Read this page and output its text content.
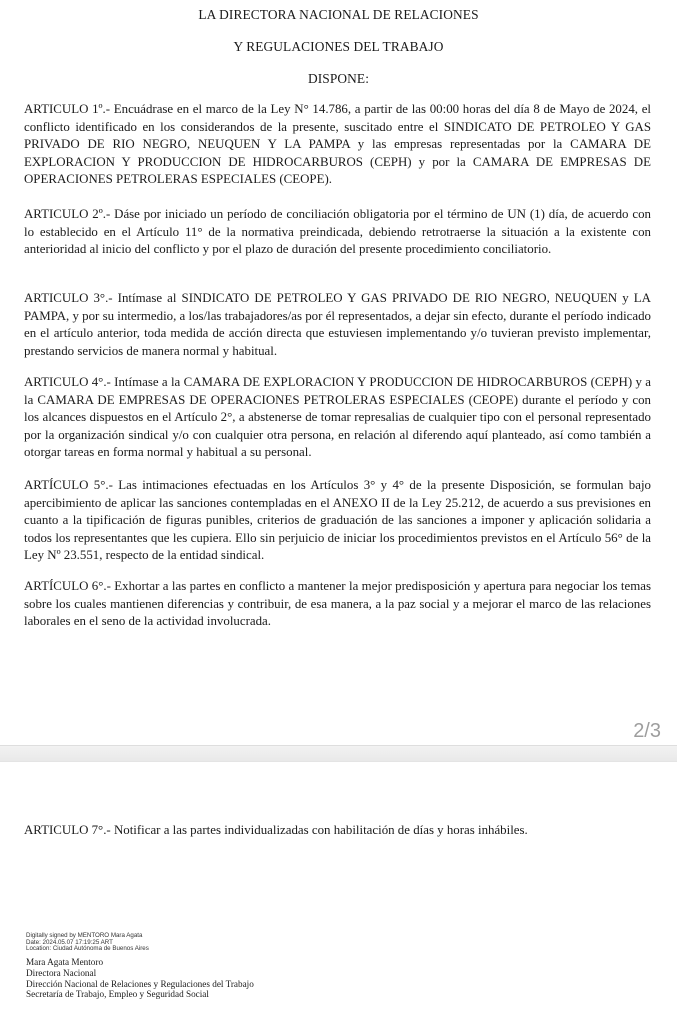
LA DIRECTORA NACIONAL DE RELACIONES
Y REGULACIONES DEL TRABAJO
DISPONE:

ARTICULO 1º.- Encuádrase en el marco de la Ley N° 14.786, a partir de las 00:00 horas del día 8 de Mayo de 2024, el conflicto identificado en los considerandos de la presente, suscitado entre el SINDICATO DE PETROLEO Y GAS PRIVADO DE RIO NEGRO, NEUQUEN Y LA PAMPA y las empresas representadas por la CAMARA DE EXPLORACION Y PRODUCCION DE HIDROCARBUROS (CEPH) y por la CAMARA DE EMPRESAS DE OPERACIONES PETROLERAS ESPECIALES (CEOPE).

ARTICULO 2º.- Dáse por iniciado un período de conciliación obligatoria por el término de UN (1) día, de acuerdo con lo establecido en el Artículo 11° de la normativa preindicada, debiendo retrotraerse la situación a la existente con anterioridad al inicio del conflicto y por el plazo de duración del presente procedimiento conciliatorio.

ARTICULO 3°.- Intímase al SINDICATO DE PETROLEO Y GAS PRIVADO DE RIO NEGRO, NEUQUEN y LA PAMPA, y por su intermedio, a los/las trabajadores/as por él representados, a dejar sin efecto, durante el período indicado en el artículo anterior, toda medida de acción directa que estuviesen implementando y/o tuvieran previsto implementar, prestando servicios de manera normal y habitual.

ARTICULO 4°.- Intímase a la CAMARA DE EXPLORACION Y PRODUCCION DE HIDROCARBUROS (CEPH) y a la CAMARA DE EMPRESAS DE OPERACIONES PETROLERAS ESPECIALES (CEOPE) durante el período y con los alcances dispuestos en el Artículo 2°, a abstenerse de tomar represalias de cualquier tipo con el personal representado por la organización sindical y/o con cualquier otra persona, en relación al diferendo aquí planteado, así como también a otorgar tareas en forma normal y habitual a su personal.

ARTÍCULO 5°.- Las intimaciones efectuadas en los Artículos 3° y 4° de la presente Disposición, se formulan bajo apercibimiento de aplicar las sanciones contempladas en el ANEXO II de la Ley 25.212, de acuerdo a sus previsiones en cuanto a la tipificación de figuras punibles, criterios de graduación de las sanciones a imponer y aplicación solidaria a todos los representantes que les cupiera. Ello sin perjuicio de iniciar los procedimientos previstos en el Artículo 56° de la Ley Nº 23.551, respecto de la entidad sindical.

ARTÍCULO 6°.- Exhortar a las partes en conflicto a mantener la mejor predisposición y apertura para negociar los temas sobre los cuales mantienen diferencias y contribuir, de esa manera, a la paz social y a mejorar el marco de las relaciones laborales en el seno de la actividad involucrada.

2/3

ARTICULO 7°.- Notificar a las partes individualizadas con habilitación de días y horas inhábiles.

Digitally signed by MENTORO Mara Agata
Date: 2024.05.07 17:19:25 ART
Location: Ciudad Autónoma de Buenos Aires
Mara Agata Mentoro
Directora Nacional
Dirección Nacional de Relaciones y Regulaciones del Trabajo
Secretaría de Trabajo, Empleo y Seguridad Social
